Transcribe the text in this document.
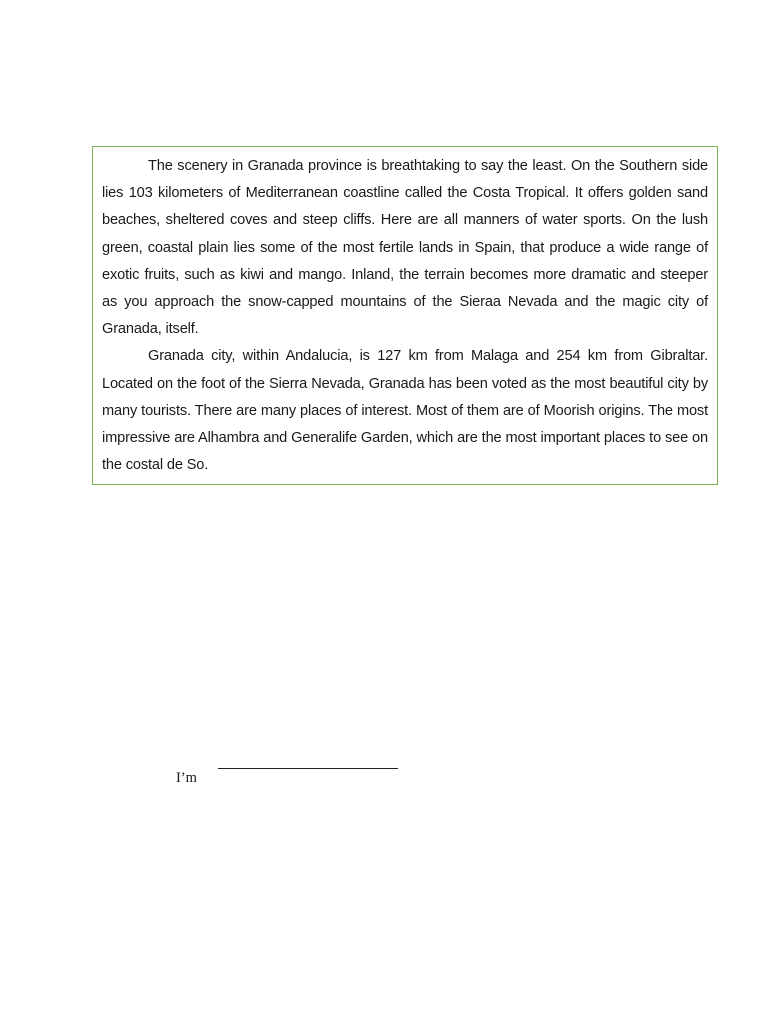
The scenery in Granada province is breathtaking to say the least. On the Southern side lies 103 kilometers of Mediterranean coastline called the Costa Tropical. It offers golden sand beaches, sheltered coves and steep cliffs. Here are all manners of water sports. On the lush green, coastal plain lies some of the most fertile lands in Spain, that produce a wide range of exotic fruits, such as kiwi and mango. Inland, the terrain becomes more dramatic and steeper as you approach the snow-capped mountains of the Sieraa Nevada and the magic city of Granada, itself.

Granada city, within Andalucia, is 127 km from Malaga and 254 km from Gibraltar. Located on the foot of the Sierra Nevada, Granada has been voted as the most beautiful city by many tourists. There are many places of interest. Most of them are of Moorish origins. The most impressive are Alhambra and Generalife Garden, which are the most important places to see on the costal de So.

I’m
